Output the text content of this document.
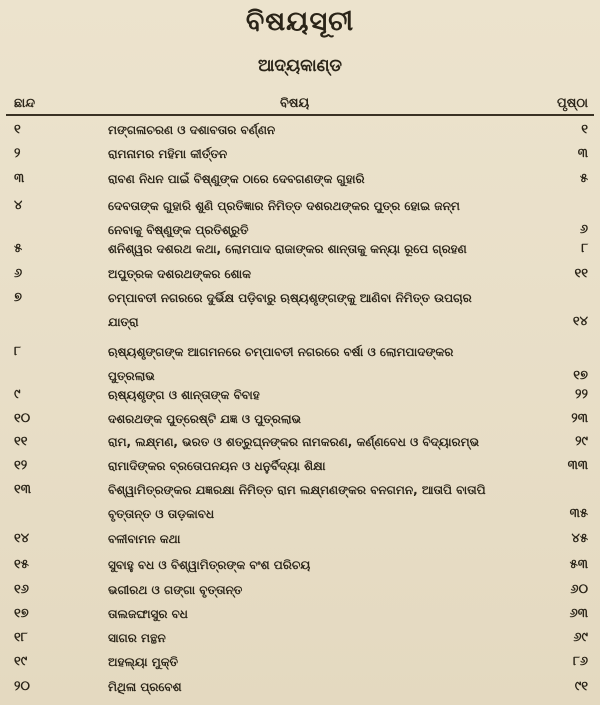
ବିଷୟସୂଚୀ
ଆଦ୍ୟକାଣ୍ଡ
ଛାନ୍ଦ	ବିଷୟ	ପୃଷ୍ଠା
୧	ମଙ୍ଗଳାଚରଣ ଓ ଦଶାବତାର ବର୍ଣ୍ଣନ	୧
୨	ରାମନାମର ମହିମା କୀର୍ତ୍ତନ	୩
୩	ରାବଣ ନିଧନ ପାଇଁ ବିଷ୍ଣୁଙ୍କ ଠାରେ ଦେବଗଣଙ୍କ ଗୁହାରି	୫
୪	ଦେବତାଙ୍କ ଗୁହାରି ଶୁଣି ପ୍ରତିଜ୍ଞାର ନିମିତ୍ତ ଦଶରଥଙ୍କର ପୁତ୍ର ହୋଇ ଜନ୍ମ
ନେବାକୁ ବିଷ୍ଣୁଙ୍କ ପ୍ରତିଶ୍ରୁତି	୬
୫	ଶନିଶ୍ୱର ଦଶରଥ କଥା, ଲୋମପାଦ ରାଜାଙ୍କର ଶାନ୍ତାକୁ କନ୍ୟା ରୂପେ ଗ୍ରହଣ	୮
୬	ଅପୁତ୍ରକ ଦଶରଥଙ୍କର ଶୋକ	୧୧
୭	ଚମ୍ପାବତୀ ନଗରରେ ଦୁର୍ଭିକ୍ଷ ପଡ଼ିବାରୁ ଋଷ୍ୟଶୃଙ୍ଗଙ୍କୁ ଆଣିବା ନିମିତ୍ତ ଉପଚାର
ଯାତ୍ରା	୧୪
୮	ଋଷ୍ୟଶୃଙ୍ଗଙ୍କ ଆଗମନରେ ଚମ୍ପାବତୀ ନଗରରେ ବର୍ଷା ଓ ଲୋମପାଦଙ୍କର
ପୁତ୍ରଲାଭ	୧୭
୯	ଋଷ୍ୟଶୃଙ୍ଗ ଓ ଶାନ୍ତାଙ୍କ ବିବାହ	୨୨
୧୦	ଦଶରଥଙ୍କ ପୁତ୍ରେଷ୍ଟି ଯଜ୍ଞ ଓ ପୁତ୍ରଲାଭ	୨୩
୧୧	ରାମ, ଲକ୍ଷ୍ମଣ, ଭରତ ଓ ଶତ୍ରୁଘ୍ନଙ୍କର ନାମକରଣ, କର୍ଣ୍ଣବେଧ ଓ ବିଦ୍ୟାରମ୍ଭ	୨୯
୧୨	ରାମାଦିଙ୍କର ବ୍ରତୋପନୟନ ଓ ଧନୁର୍ବିଦ୍ୟା ଶିକ୍ଷା	୩୩
୧୩	ବିଶ୍ୱାମିତ୍ରଙ୍କର ଯଜ୍ଞରକ୍ଷା ନିମିତ୍ତ ରାମ ଲକ୍ଷ୍ମଣଙ୍କର ବନଗମନ, ଆତାପି ବାତାପି
ବୃତ୍ତାନ୍ତ ଓ ତାଡ଼କାବଧ	୩୫
୧୪	ବଳୀବାମନ କଥା	୪୫
୧୫	ସୁବାହୁ ବଧ ଓ ବିଶ୍ୱାମିତ୍ରଙ୍କ ବଂଶ ପରିଚୟ	୫୩
୧୬	ଭଗୀରଥ ଓ ଗଙ୍ଗା ବୃତ୍ତାନ୍ତ	୬୦
୧୭	ତାଲଜଙ୍ଘାସୁର ବଧ	୬୩
୧୮	ସାଗର ମନ୍ଥନ	୬୯
୧୯	ଅହଲ୍ୟା ମୁକ୍ତି	୮୬
୨୦	ମିଥିଳା ପ୍ରବେଶ	୯୧
